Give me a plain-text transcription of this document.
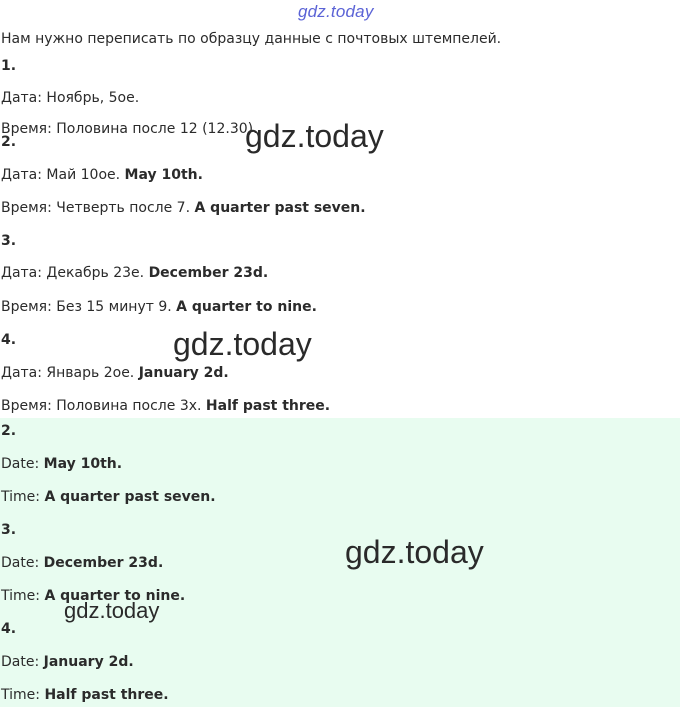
gdz.today
Нам нужно переписать по образцу данные с почтовых штемпелей.
1.
Дата: Ноябрь, 5ое.
Время: Половина после 12 (12.30).
2.
Дата: Май 10ое. May 10th.
Время: Четверть после 7. A quarter past seven.
3.
Дата: Декабрь 23е. December 23d.
Время: Без 15 минут 9. A quarter to nine.
4.
Дата: Январь 2ое. January 2d.
Время: Половина после 3х. Half past three.
2.
Date: May 10th.
Time: A quarter past seven.
3.
Date: December 23d.
Time: A quarter to nine.
4.
Date: January 2d.
Time: Half past three.
gdz.today
gdz.today
gdz.today
gdz.today
